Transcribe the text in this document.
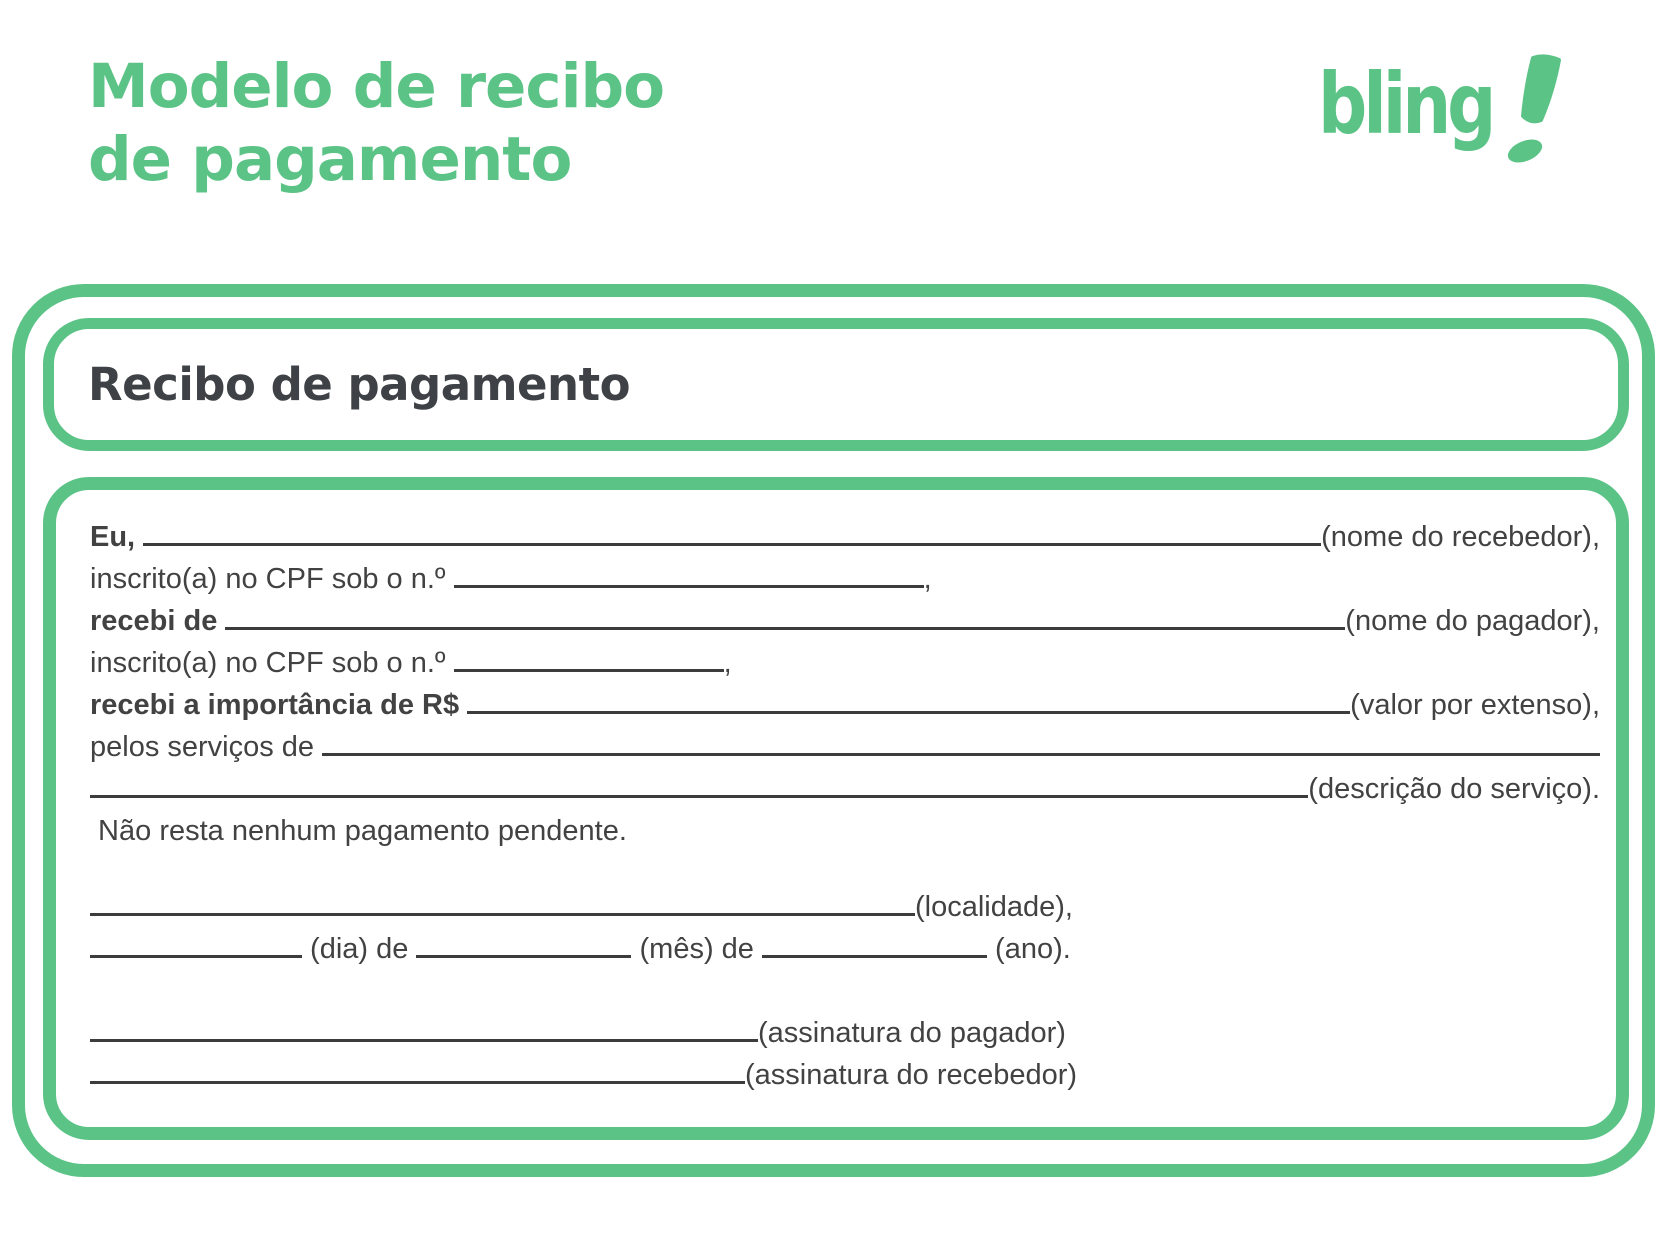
Modelo de recibo
de pagamento
bling
Recibo de pagamento
Eu,
	(nome do recebedor),
inscrito(a) no CPF sob o n.º	,
recebi de	(nome do pagador),
inscrito(a) no CPF sob o n.º	,
recebi a importância de R$	(valor por extenso),
pelos serviços de
(descrição do serviço).
Não resta nenhum pagamento pendente.
(localidade),
(dia) de	(mês) de	(ano).
(assinatura do pagador)
(assinatura do recebedor)
